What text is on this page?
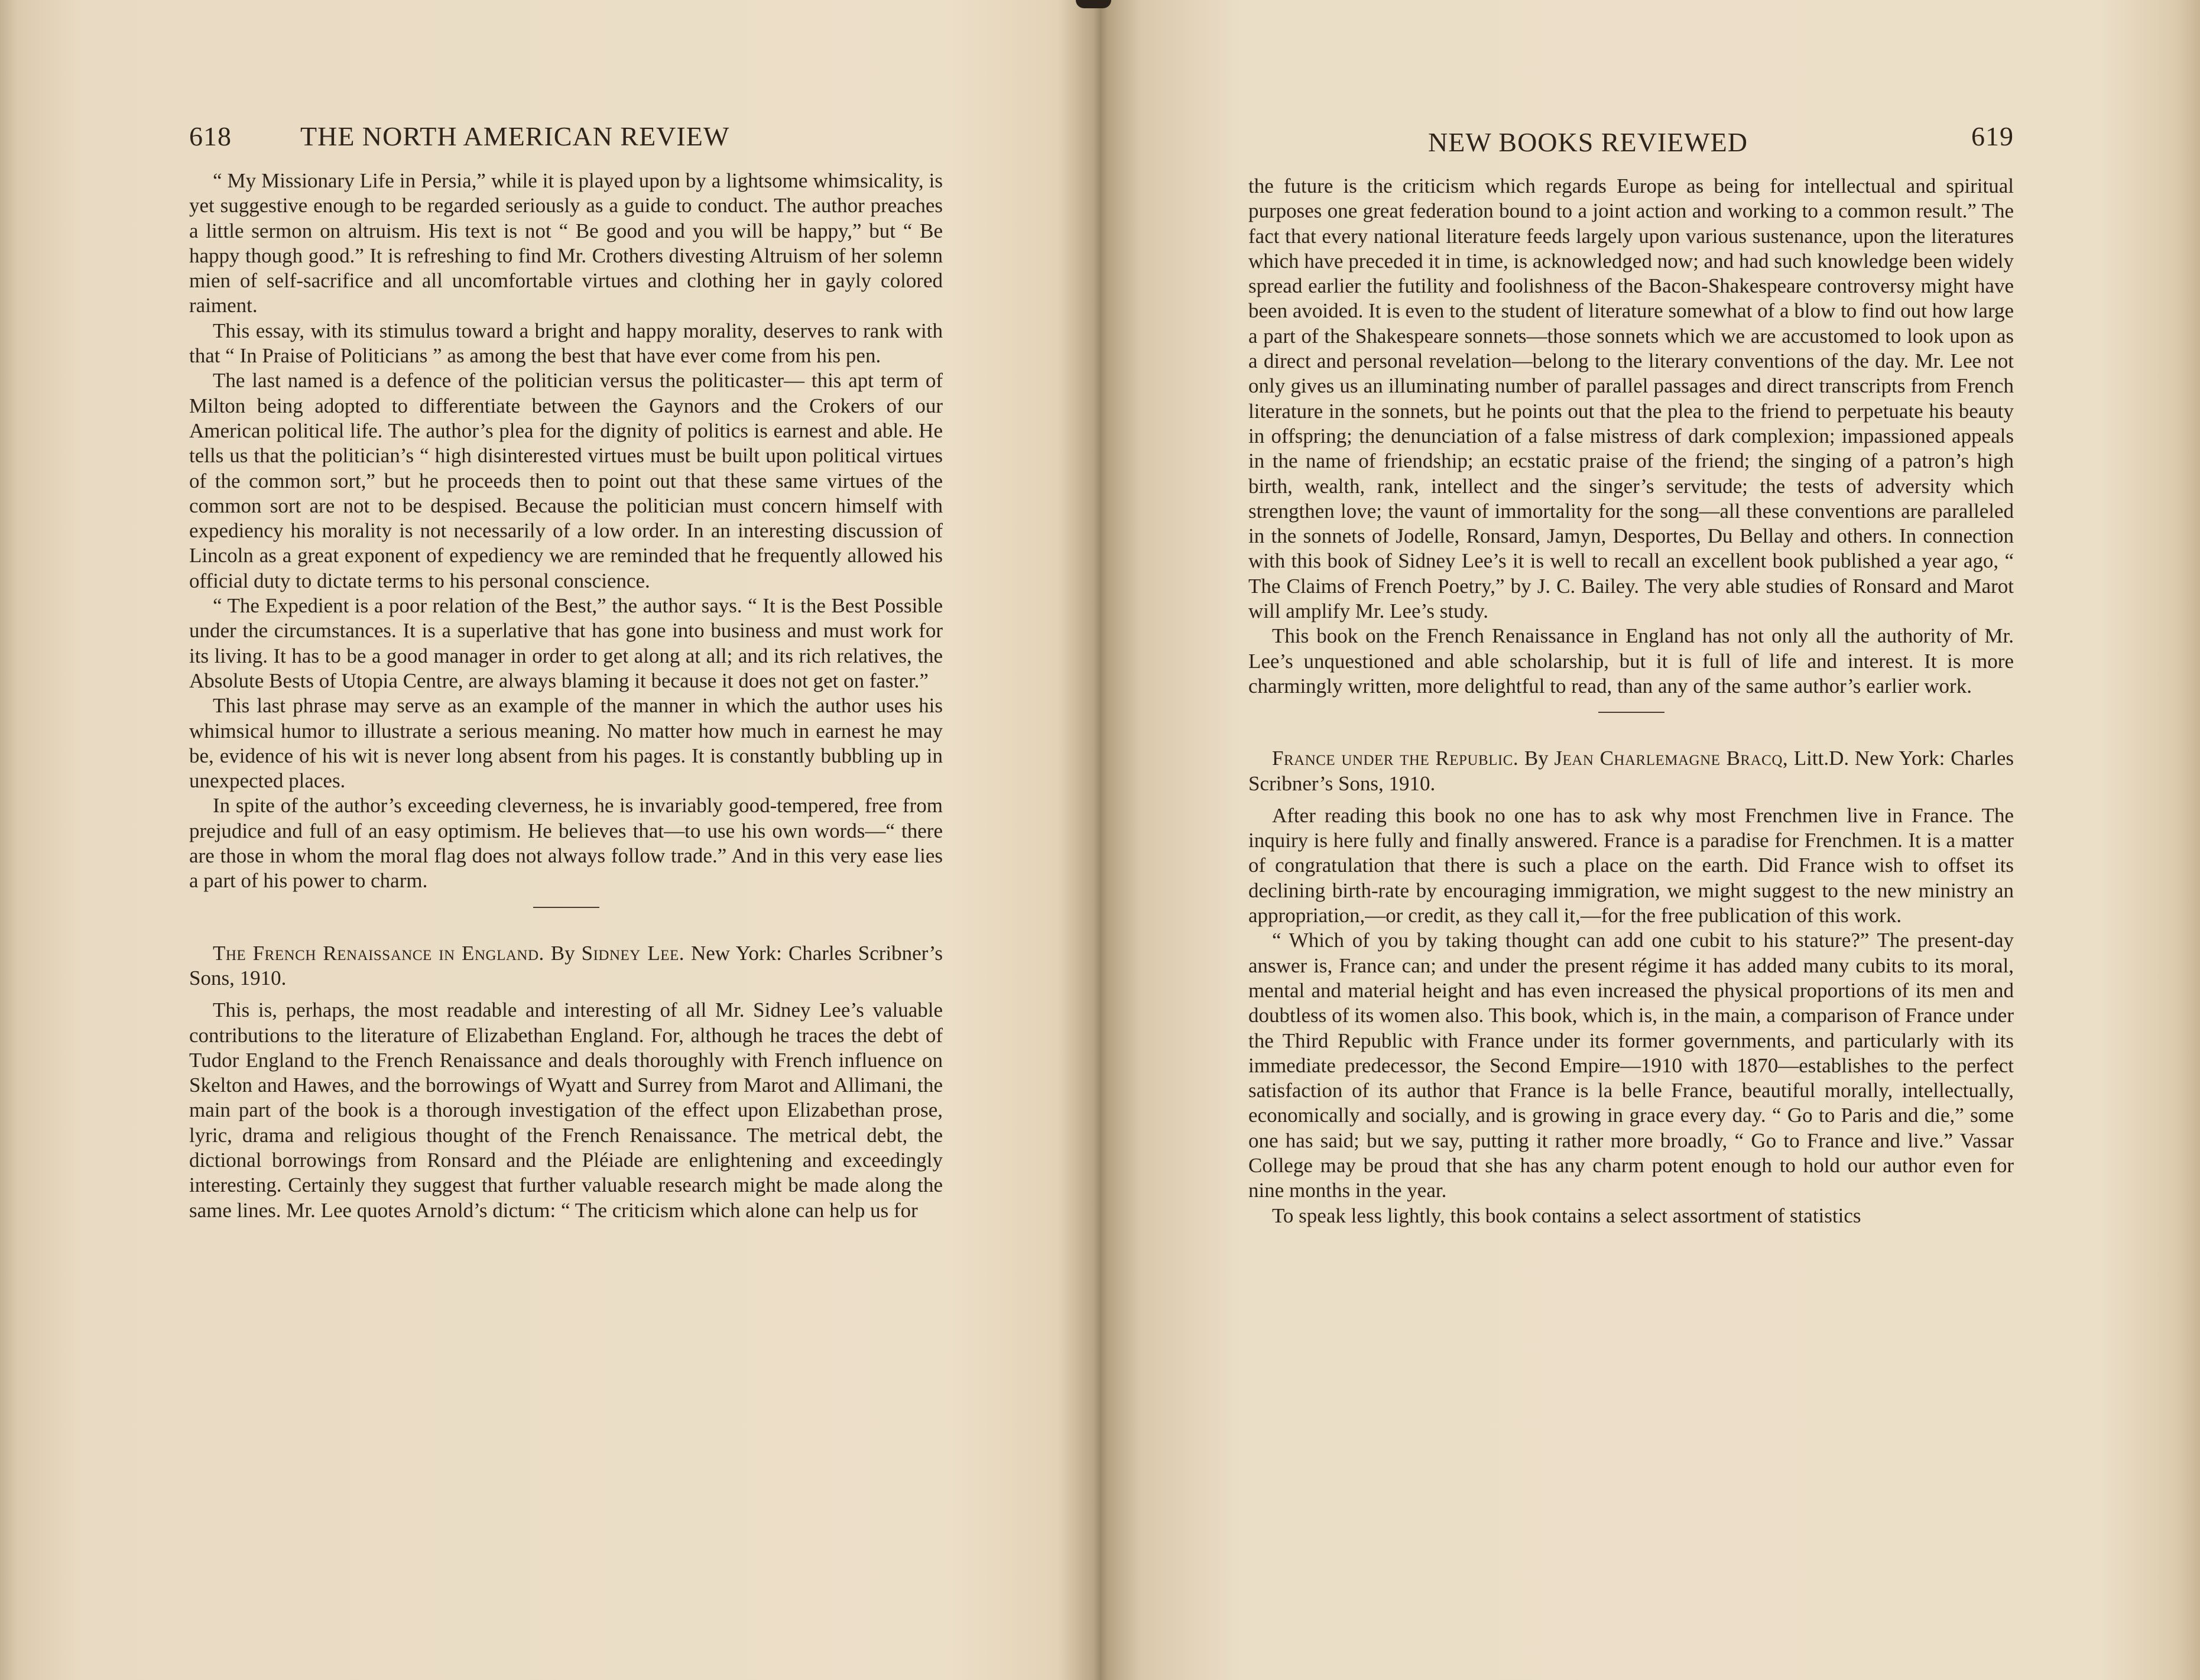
618	THE NORTH AMERICAN REVIEW

“ My Missionary Life in Persia,” while it is played upon by a lightsome whimsicality, is yet suggestive enough to be regarded seriously as a guide to conduct. The author preaches a little sermon on altruism. His text is not “ Be good and you will be happy,” but “ Be happy though good.” It is refreshing to find Mr. Crothers divesting Altruism of her solemn mien of self-sacrifice and all uncomfortable virtues and clothing her in gayly colored raiment.

This essay, with its stimulus toward a bright and happy morality, deserves to rank with that “ In Praise of Politicians ” as among the best that have ever come from his pen.

The last named is a defence of the politician versus the politicaster— this apt term of Milton being adopted to differentiate between the Gaynors and the Crokers of our American political life. The author’s plea for the dignity of politics is earnest and able. He tells us that the politician’s “ high disinterested virtues must be built upon political virtues of the common sort,” but he proceeds then to point out that these same virtues of the common sort are not to be despised. Because the politician must concern himself with expediency his morality is not necessarily of a low order. In an interesting discussion of Lincoln as a great exponent of expediency we are reminded that he frequently allowed his official duty to dictate terms to his personal conscience.

“ The Expedient is a poor relation of the Best,” the author says. “ It is the Best Possible under the circumstances. It is a superlative that has gone into business and must work for its living. It has to be a good manager in order to get along at all; and its rich relatives, the Absolute Bests of Utopia Centre, are always blaming it because it does not get on faster.”

This last phrase may serve as an example of the manner in which the author uses his whimsical humor to illustrate a serious meaning. No matter how much in earnest he may be, evidence of his wit is never long absent from his pages. It is constantly bubbling up in unexpected places.

In spite of the author’s exceeding cleverness, he is invariably good-tempered, free from prejudice and full of an easy optimism. He believes that—to use his own words—“ there are those in whom the moral flag does not always follow trade.” And in this very ease lies a part of his power to charm.

The French Renaissance in England. By Sidney Lee. New York: Charles Scribner’s Sons, 1910.

This is, perhaps, the most readable and interesting of all Mr. Sidney Lee’s valuable contributions to the literature of Elizabethan England. For, although he traces the debt of Tudor England to the French Renaissance and deals thoroughly with French influence on Skelton and Hawes, and the borrowings of Wyatt and Surrey from Marot and Allimani, the main part of the book is a thorough investigation of the effect upon Elizabethan prose, lyric, drama and religious thought of the French Renaissance. The metrical debt, the dictional borrowings from Ronsard and the Pléiade are enlightening and exceedingly interesting. Certainly they suggest that further valuable research might be made along the same lines. Mr. Lee quotes Arnold’s dictum: “ The criticism which alone can help us for

NEW BOOKS REVIEWED	619

the future is the criticism which regards Europe as being for intellectual and spiritual purposes one great federation bound to a joint action and working to a common result.” The fact that every national literature feeds largely upon various sustenance, upon the literatures which have preceded it in time, is acknowledged now; and had such knowledge been widely spread earlier the futility and foolishness of the Bacon-Shakespeare controversy might have been avoided. It is even to the student of literature somewhat of a blow to find out how large a part of the Shakespeare sonnets—those sonnets which we are accustomed to look upon as a direct and personal revelation—belong to the literary conventions of the day. Mr. Lee not only gives us an illuminating number of parallel passages and direct transcripts from French literature in the sonnets, but he points out that the plea to the friend to perpetuate his beauty in offspring; the denunciation of a false mistress of dark complexion; impassioned appeals in the name of friendship; an ecstatic praise of the friend; the singing of a patron’s high birth, wealth, rank, intellect and the singer’s servitude; the tests of adversity which strengthen love; the vaunt of immortality for the song—all these conventions are paralleled in the sonnets of Jodelle, Ronsard, Jamyn, Desportes, Du Bellay and others. In connection with this book of Sidney Lee’s it is well to recall an excellent book published a year ago, “ The Claims of French Poetry,” by J. C. Bailey. The very able studies of Ronsard and Marot will amplify Mr. Lee’s study.

This book on the French Renaissance in England has not only all the authority of Mr. Lee’s unquestioned and able scholarship, but it is full of life and interest. It is more charmingly written, more delightful to read, than any of the same author’s earlier work.

France under the Republic. By Jean Charlemagne Bracq, Litt.D. New York: Charles Scribner’s Sons, 1910.

After reading this book no one has to ask why most Frenchmen live in France. The inquiry is here fully and finally answered. France is a paradise for Frenchmen. It is a matter of congratulation that there is such a place on the earth. Did France wish to offset its declining birth-rate by encouraging immigration, we might suggest to the new ministry an appropriation,—or credit, as they call it,—for the free publication of this work.

“ Which of you by taking thought can add one cubit to his stature?” The present-day answer is, France can; and under the present régime it has added many cubits to its moral, mental and material height and has even increased the physical proportions of its men and doubtless of its women also. This book, which is, in the main, a comparison of France under the Third Republic with France under its former governments, and particularly with its immediate predecessor, the Second Empire—1910 with 1870—establishes to the perfect satisfaction of its author that France is la belle France, beautiful morally, intellectually, economically and socially, and is growing in grace every day. “ Go to Paris and die,” some one has said; but we say, putting it rather more broadly, “ Go to France and live.” Vassar College may be proud that she has any charm potent enough to hold our author even for nine months in the year.

To speak less lightly, this book contains a select assortment of statistics
